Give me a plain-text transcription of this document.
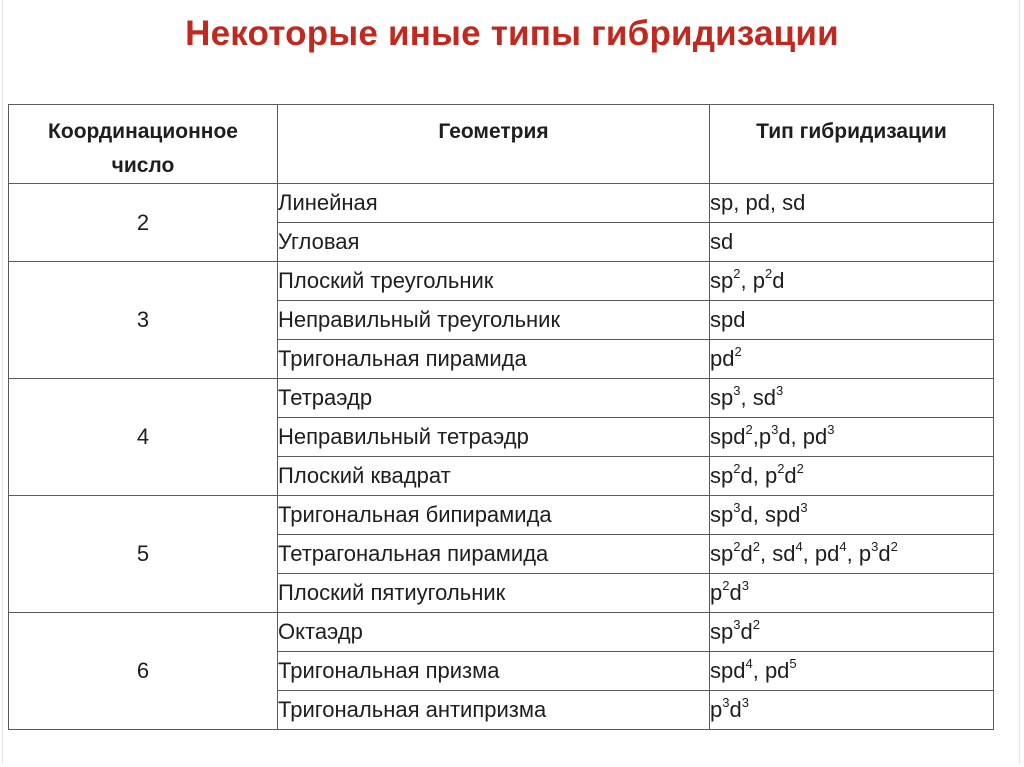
Некоторые иные типы гибридизации
Координационное число	Геометрия	Тип гибридизации
2	Линейная	sp, pd, sd
	Угловая	sd
3	Плоский треугольник	$sp^2$, $p^2d$
	Неправильный треугольник	spd
	Тригональная пирамида	$pd^2$
4	Тетраэдр	$sp^3$, $sd^3$
	Неправильный тетраэдр	$spd^2,p^3d$, $pd^3$
	Плоский квадрат	$sp^2d$, $p^2d^2$
5	Тригональная бипирамида	$sp^3d$, spd$^3$
	Тетрагональная пирамида	$sp^2d^2$, $sd^4$, $pd^4$, $p^3d^2$
	Плоский пятиугольник	$p^2d^3$
6	Октаэдр	$sp^3d^2$
	Тригональная призма	spd$^4$, $pd^5$
	Тригональная антипризма	$p^3d^3$
